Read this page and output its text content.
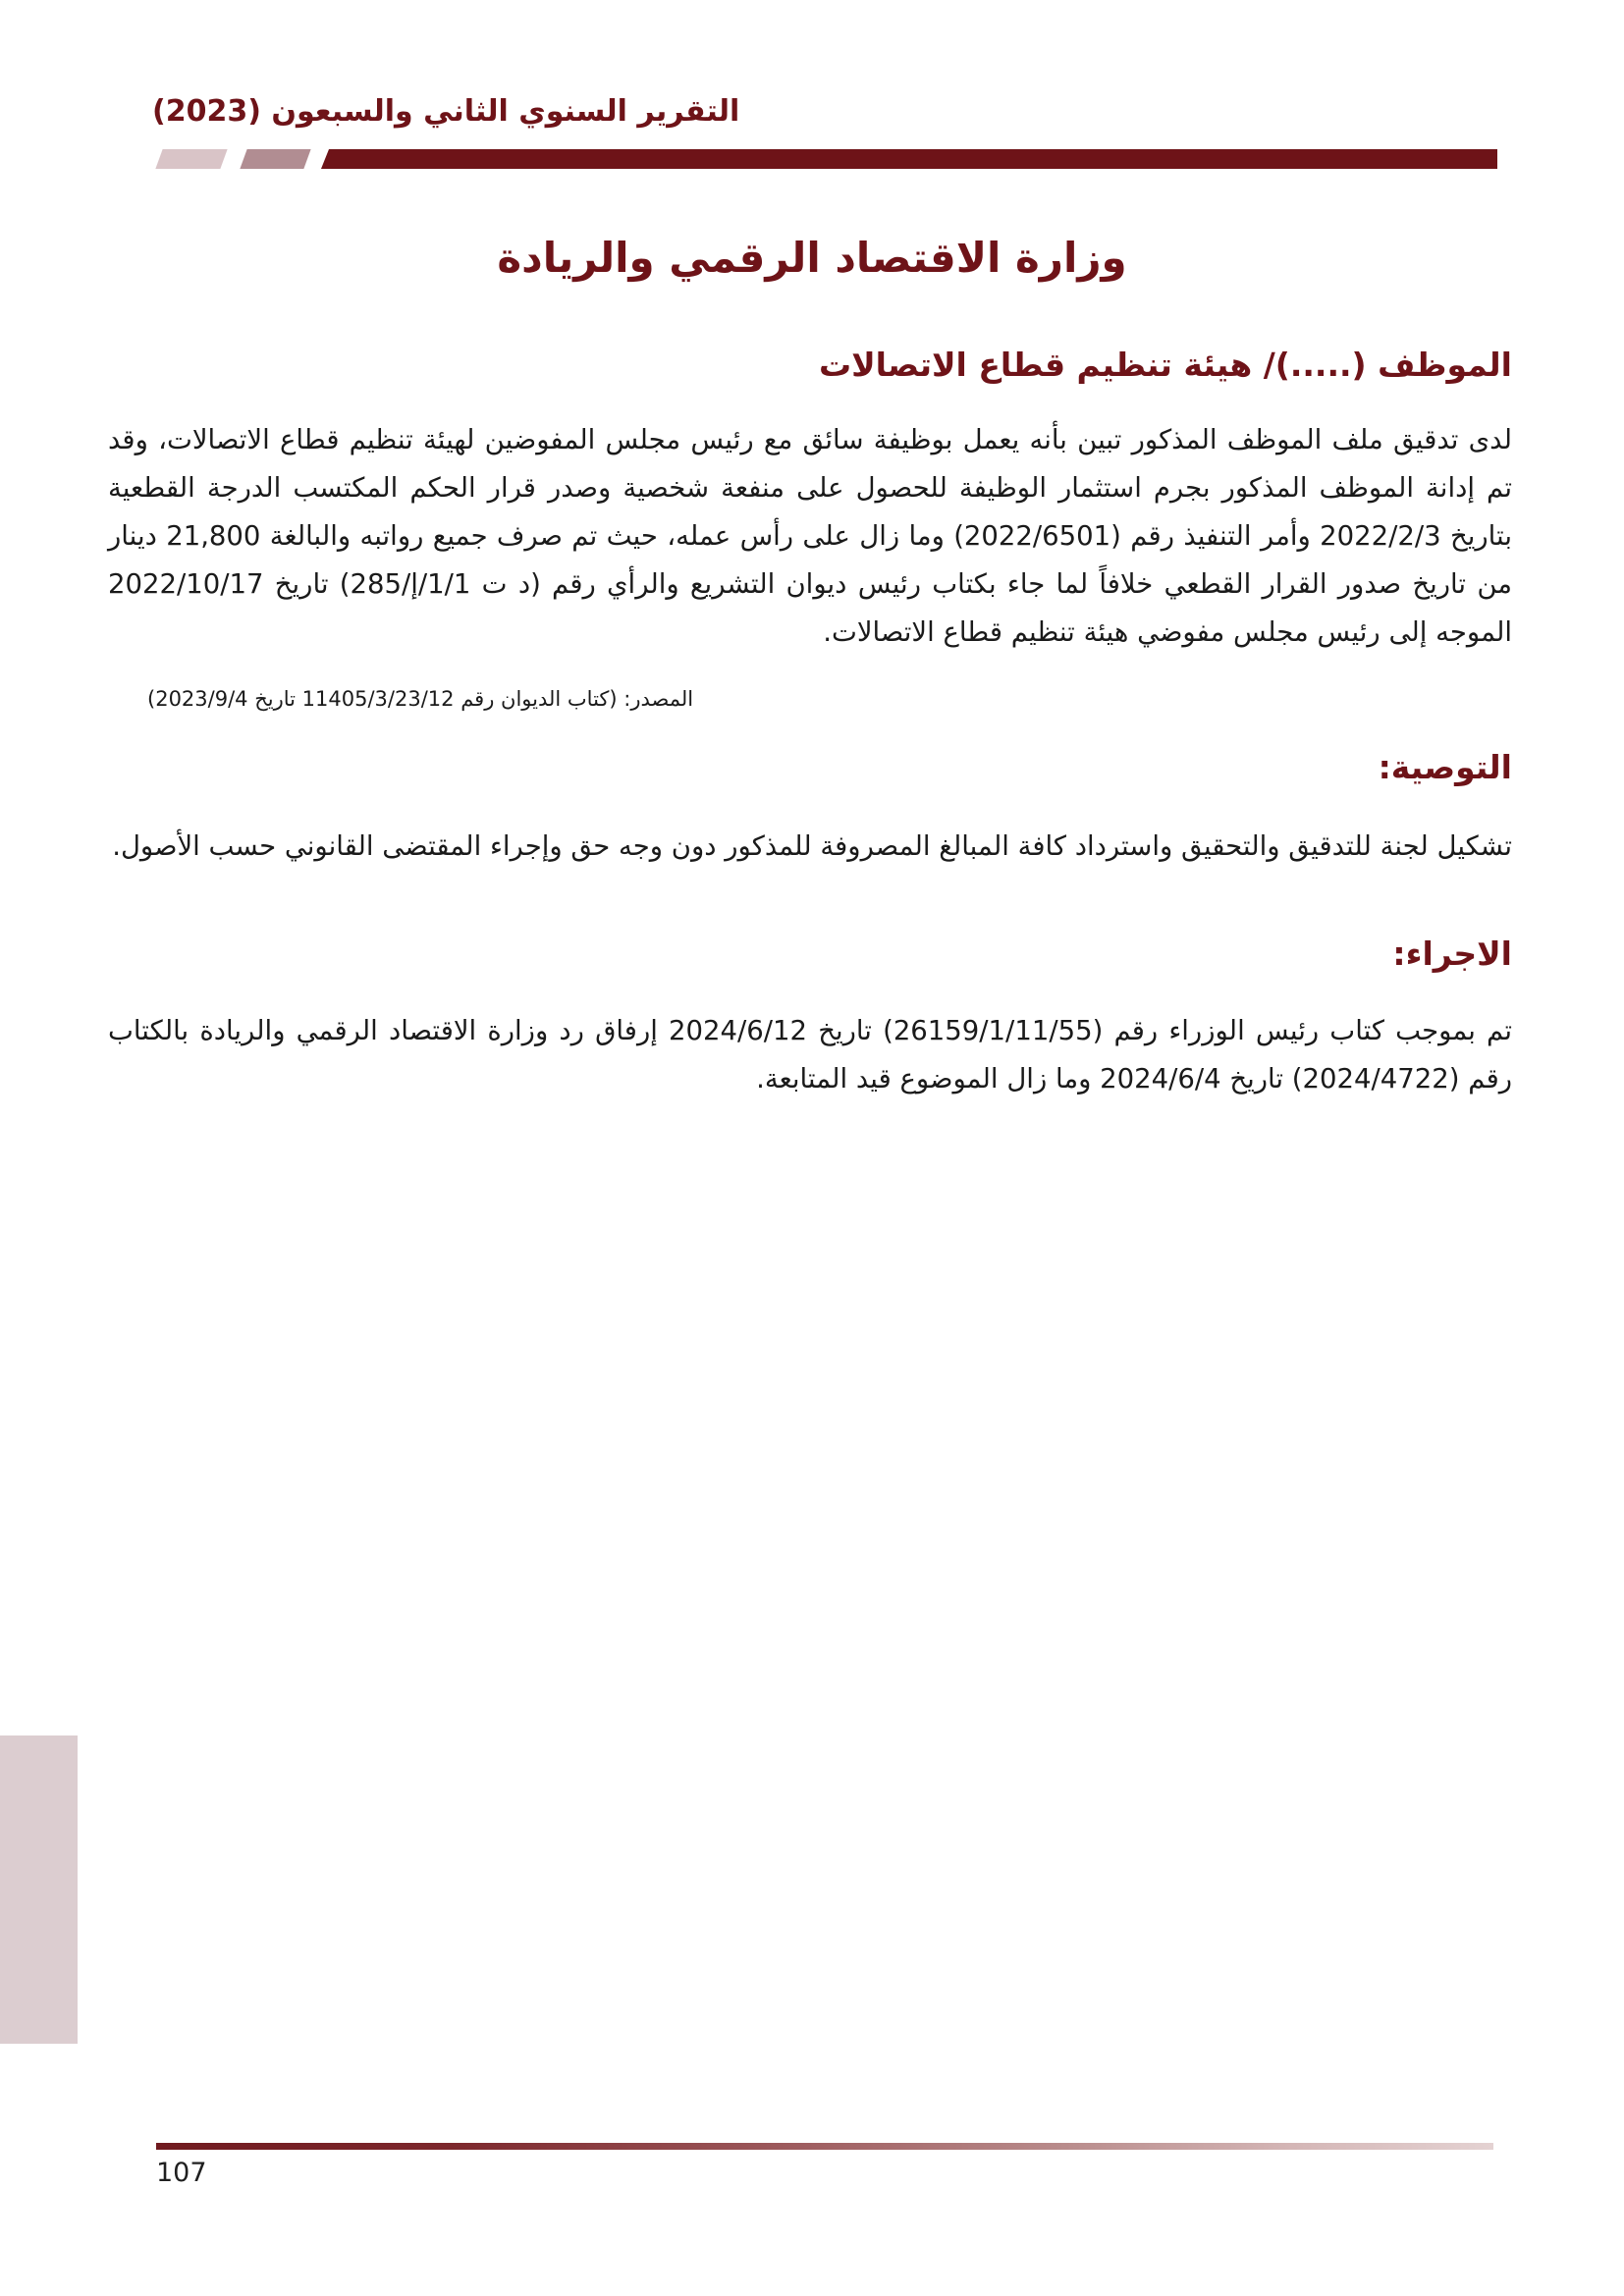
التقرير السنوي الثاني والسبعون (2023)
وزارة الاقتصاد الرقمي والريادة
الموظف (.....)/ هيئة تنظيم قطاع الاتصالات

لدى تدقيق ملف الموظف المذكور تبين بأنه يعمل بوظيفة سائق مع رئيس مجلس المفوضين لهيئة تنظيم قطاع الاتصالات، وقد تم إدانة الموظف المذكور بجرم استثمار الوظيفة للحصول على منفعة شخصية وصدر قرار الحكم المكتسب الدرجة القطعية بتاريخ 2022/2/3 وأمر التنفيذ رقم (2022/6501) وما زال على رأس عمله، حيث تم صرف جميع رواتبه والبالغة 21,800 دينار من تاريخ صدور القرار القطعي خلافاً لما جاء بكتاب رئيس ديوان التشريع والرأي رقم (د ت 1/1/إ/285) تاريخ 2022/10/17 الموجه إلى رئيس مجلس مفوضي هيئة تنظيم قطاع الاتصالات.

المصدر: (كتاب الديوان رقم 11405/3/23/12 تاريخ 2023/9/4)
التوصية:

تشكيل لجنة للتدقيق والتحقيق واسترداد كافة المبالغ المصروفة للمذكور دون وجه حق وإجراء المقتضى القانوني حسب الأصول.

الاجراء:

تم بموجب كتاب رئيس الوزراء رقم (26159/1/11/55) تاريخ 2024/6/12 إرفاق رد وزارة الاقتصاد الرقمي والريادة بالكتاب رقم (2024/4722) تاريخ 2024/6/4 وما زال الموضوع قيد المتابعة.

107
